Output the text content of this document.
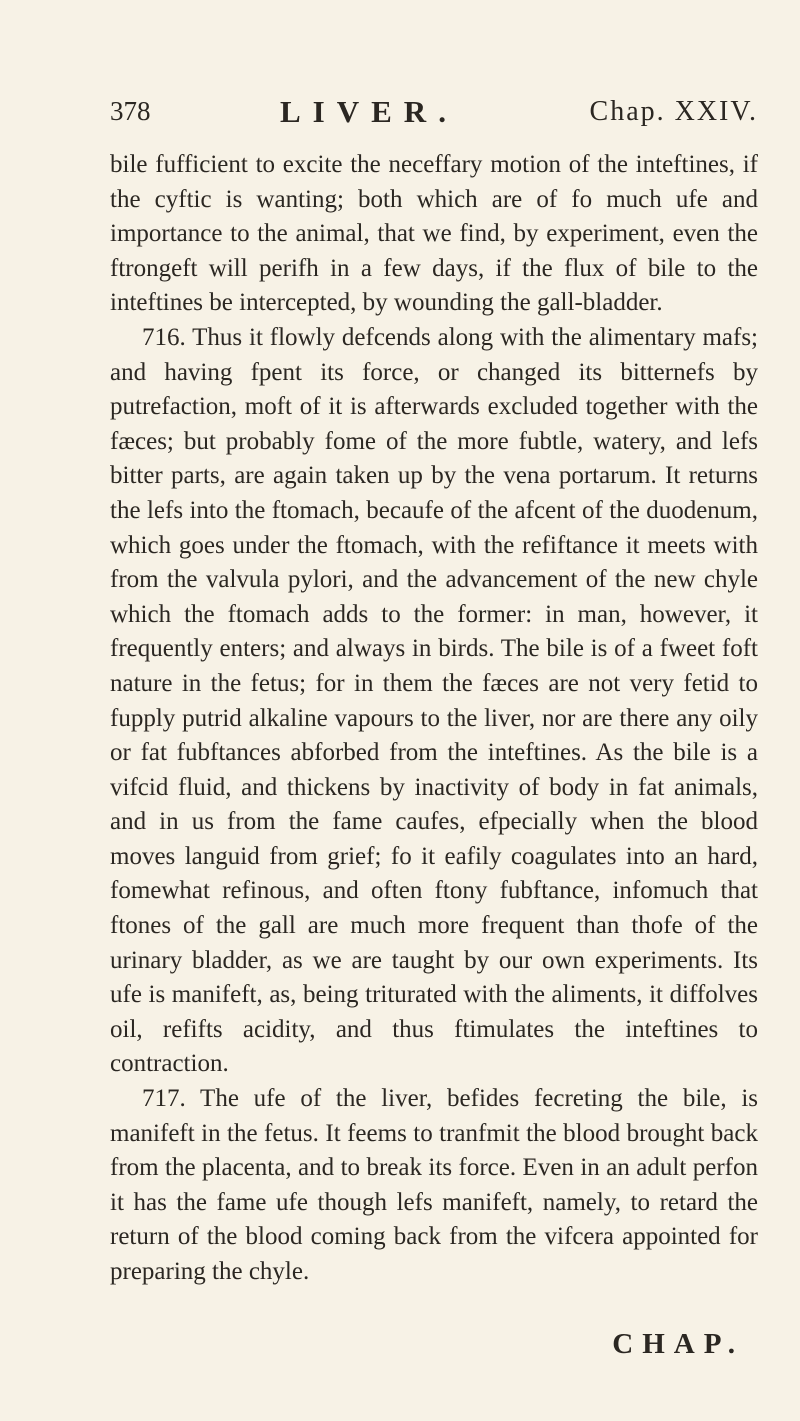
378	LIVER.	Chap. XXIV.

bile fufficient to excite the neceffary motion of the inteftines, if the cyftic is wanting; both which are of fo much ufe and importance to the animal, that we find, by experiment, even the ftrongeft will perifh in a few days, if the flux of bile to the inteftines be intercepted, by wounding the gall-bladder.

716. Thus it flowly defcends along with the alimentary mafs; and having fpent its force, or changed its bitternefs by putrefaction, moft of it is afterwards excluded together with the fæces; but probably fome of the more fubtle, watery, and lefs bitter parts, are again taken up by the vena portarum. It returns the lefs into the ftomach, becaufe of the afcent of the duodenum, which goes under the ftomach, with the refiftance it meets with from the valvula pylori, and the advancement of the new chyle which the ftomach adds to the former: in man, however, it frequently enters; and always in birds. The bile is of a fweet foft nature in the fetus; for in them the fæces are not very fetid to fupply putrid alkaline vapours to the liver, nor are there any oily or fat fubftances abforbed from the inteftines. As the bile is a vifcid fluid, and thickens by inactivity of body in fat animals, and in us from the fame caufes, efpecially when the blood moves languid from grief; fo it eafily coagulates into an hard, fomewhat refinous, and often ftony fubftance, infomuch that ftones of the gall are much more frequent than thofe of the urinary bladder, as we are taught by our own experiments. Its ufe is manifeft, as, being triturated with the aliments, it diffolves oil, refifts acidity, and thus ftimulates the inteftines to contraction.

717. The ufe of the liver, befides fecreting the bile, is manifeft in the fetus. It feems to tranfmit the blood brought back from the placenta, and to break its force. Even in an adult perfon it has the fame ufe though lefs manifeft, namely, to retard the return of the blood coming back from the vifcera appointed for preparing the chyle.

CHAP.
